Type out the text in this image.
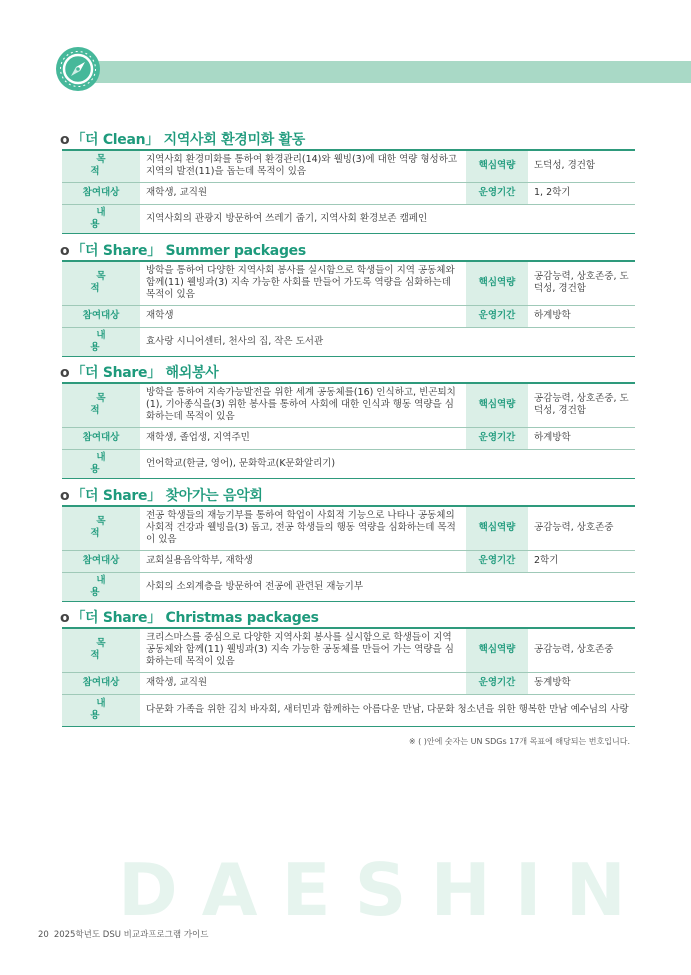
o 「더 Clean」 지역사회 환경미화 활동
목 적	지역사회 환경미화를 통하여 환경관리(14)와 웰빙(3)에 대한 역량 형성하고 지역의 발전(11)을 돕는데 목적이 있음	핵심역량	도덕성, 경건함
참여대상	재학생, 교직원	운영기간	1, 2학기
내 용	지역사회의 관광지 방문하여 쓰레기 줍기, 지역사회 환경보존 캠페인		
o 「더 Share」 Summer packages
목 적	방학을 통하여 다양한 지역사회 봉사를 실시함으로 학생들이 지역 공동체와 함께(11) 웰빙과(3) 지속 가능한 사회를 만들어 가도록 역량을 심화하는데 목적이 있음	핵심역량	공감능력, 상호존중, 도덕성, 경건함
참여대상	재학생	운영기간	하계방학
내 용	효사랑 시니어센터, 천사의 집, 작은 도서관		
o 「더 Share」 해외봉사
목 적	방학을 통하여 지속가능발전을 위한 세계 공동체를(16) 인식하고, 빈곤퇴치(1), 기아종식을(3) 위한 봉사를 통하여 사회에 대한 인식과 행동 역량을 심화하는데 목적이 있음	핵심역량	공감능력, 상호존중, 도덕성, 경건함
참여대상	재학생, 졸업생, 지역주민	운영기간	하계방학
내 용	언어학교(한글, 영어), 문화학교(K문화알리기)		
o 「더 Share」 찾아가는 음악회
목 적	전공 학생들의 재능기부를 통하여 학업이 사회적 기능으로 나타나 공동체의 사회적 건강과 웰빙을(3) 돕고, 전공 학생들의 행동 역량을 심화하는데 목적이 있음	핵심역량	공감능력, 상호존중
참여대상	교회실용음악학부, 재학생	운영기간	2학기
내 용	사회의 소외계층을 방문하여 전공에 관련된 재능기부		
o 「더 Share」 Christmas packages
목 적	크리스마스를 중심으로 다양한 지역사회 봉사를 실시함으로 학생들이 지역 공동체와 함께(11) 웰빙과(3) 지속 가능한 공동체를 만들어 가는 역량을 심화하는데 목적이 있음	핵심역량	공감능력, 상호존중
참여대상	재학생, 교직원	운영기간	동계방학
내 용	다문화 가족을 위한 김치 바자회, 새터민과 함께하는 아름다운 만남, 다문화 청소년을 위한 행복한 만남 예수님의 사랑		
※ ( )안에 숫자는 UN SDGs 17개 목표에 해당되는 번호입니다.
DAESHIN
20 2025학년도 DSU 비교과프로그램 가이드
